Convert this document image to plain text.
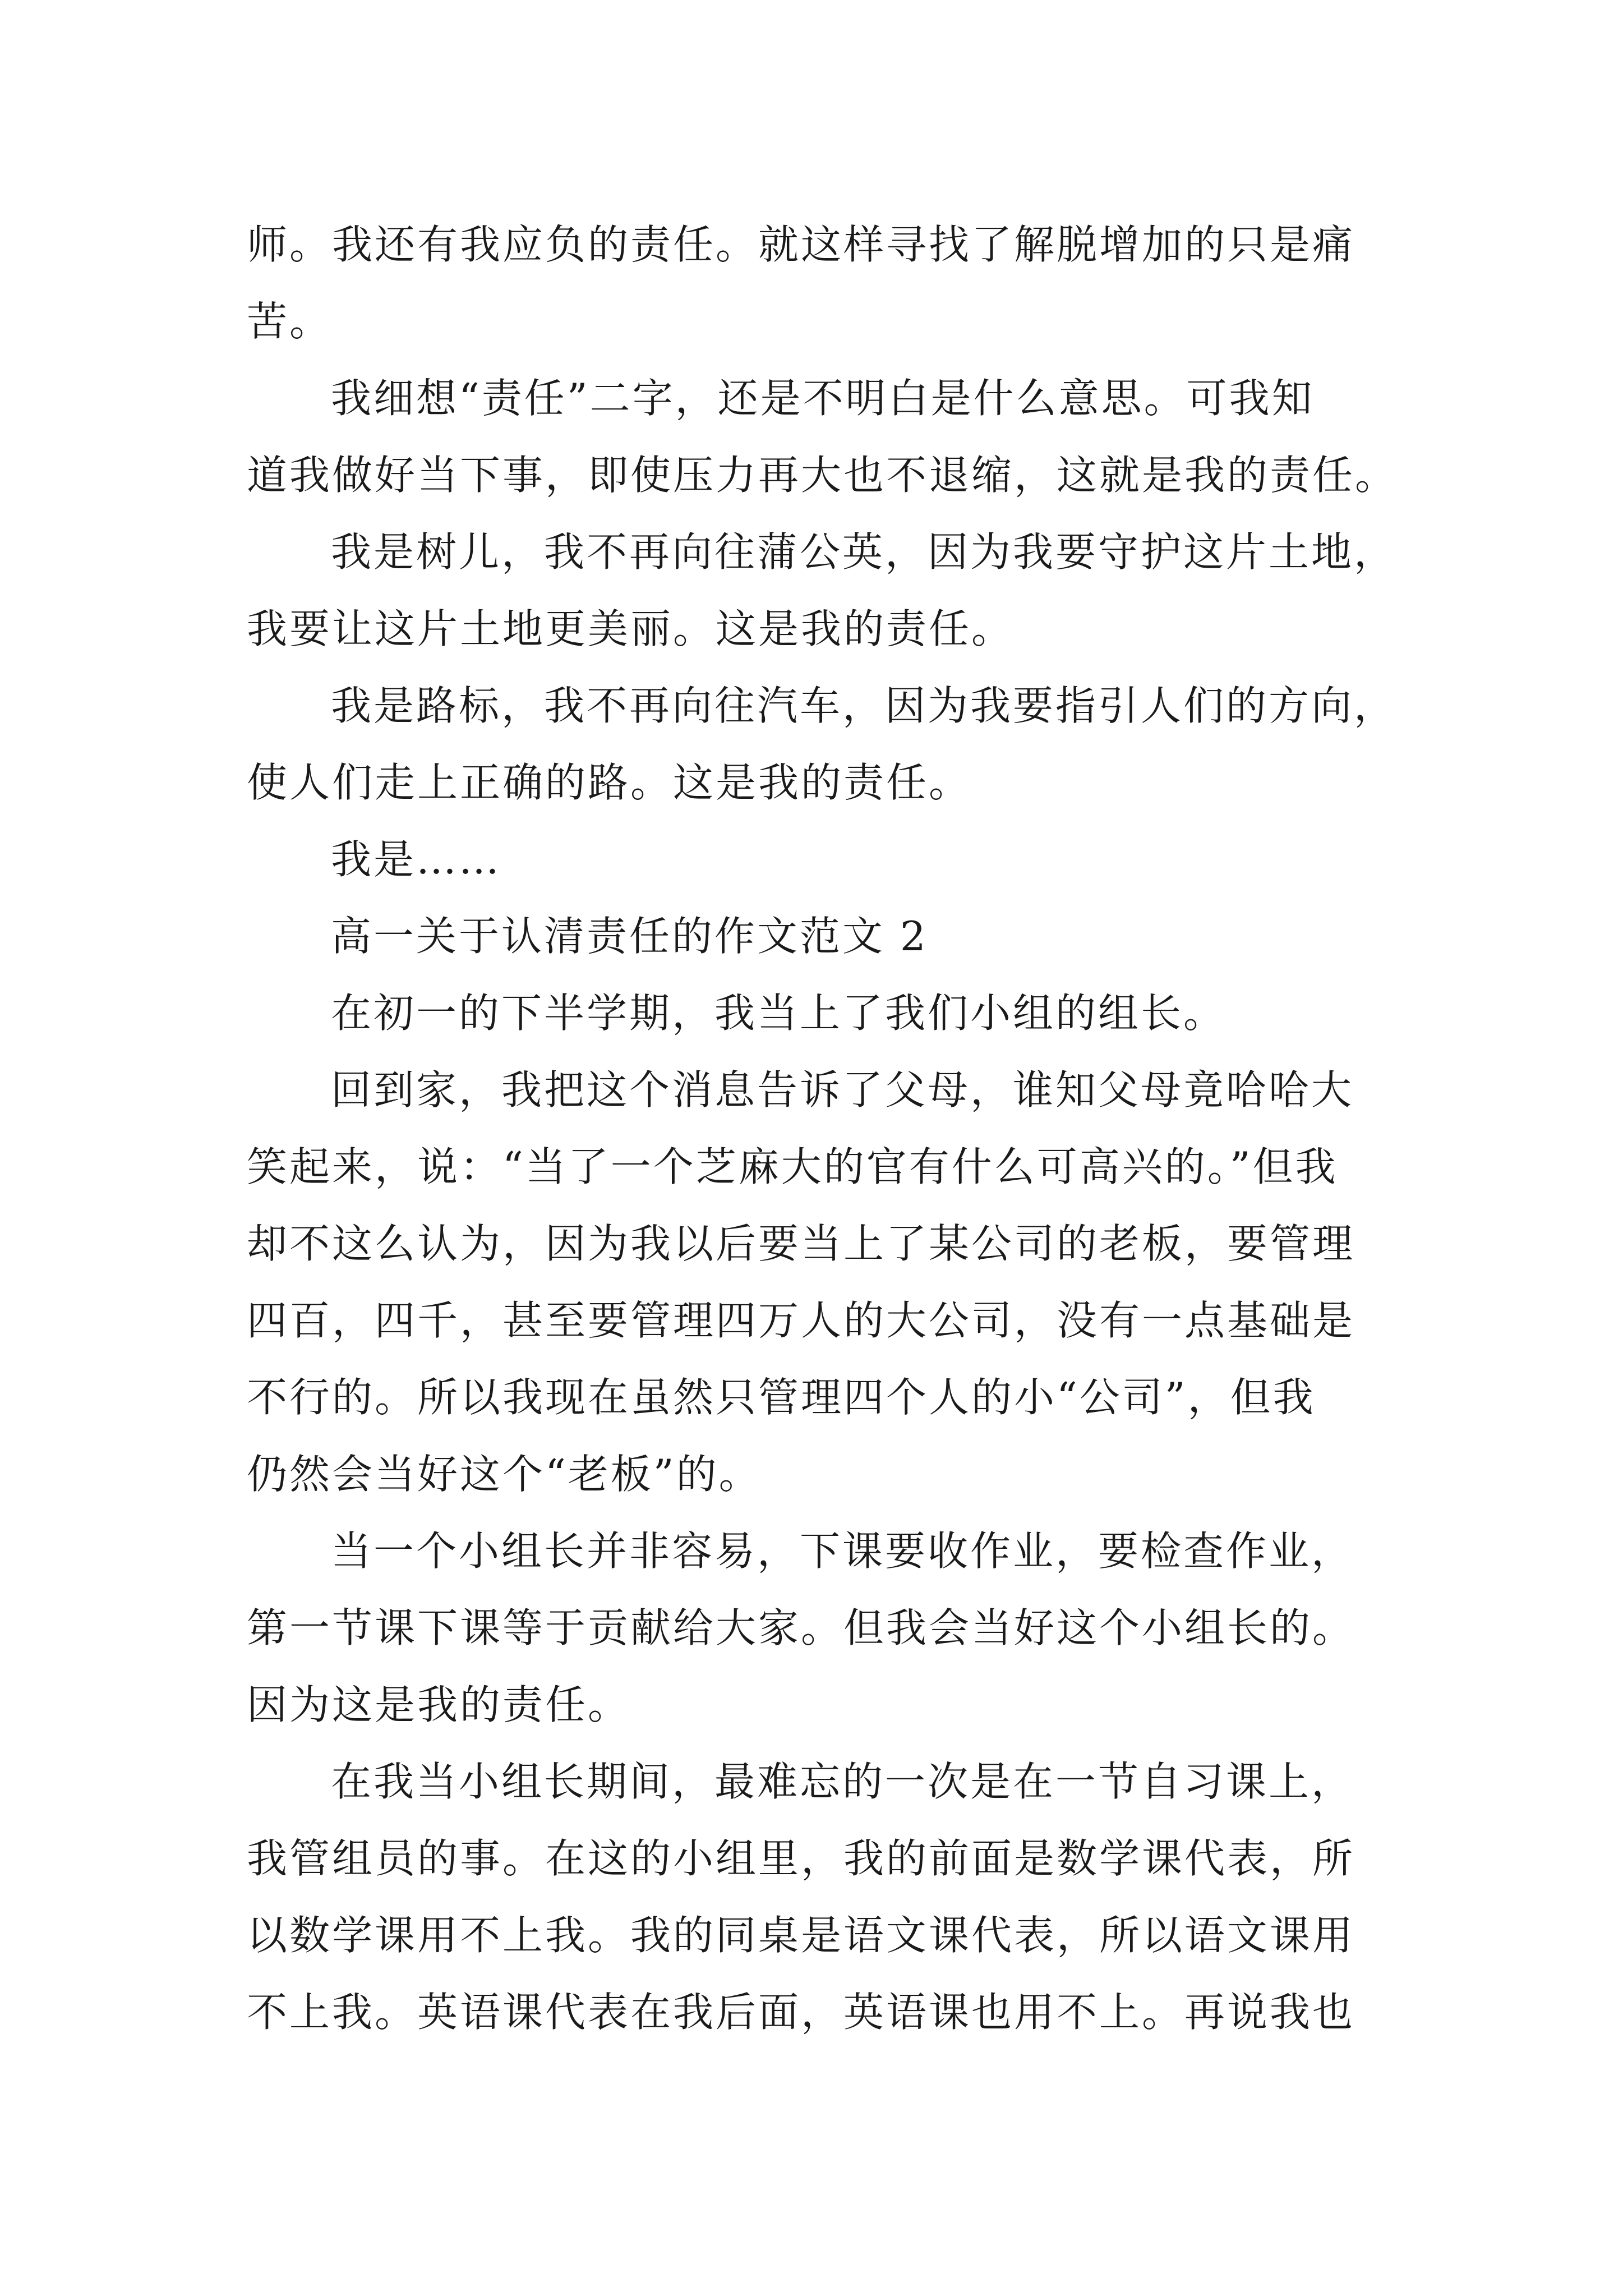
师。我还有我应负的责任。就这样寻找了解脱增加的只是痛
苦。
我细想“责任”二字，还是不明白是什么意思。可我知
道我做好当下事，即使压力再大也不退缩，这就是我的责任。
我是树儿，我不再向往蒲公英，因为我要守护这片土地，
我要让这片土地更美丽。这是我的责任。
我是路标，我不再向往汽车，因为我要指引人们的方向，
使人们走上正确的路。这是我的责任。
我是……
高一关于认清责任的作文范文 2
在初一的下半学期，我当上了我们小组的组长。
回到家，我把这个消息告诉了父母，谁知父母竟哈哈大
笑起来，说：“当了一个芝麻大的官有什么可高兴的。”但我
却不这么认为，因为我以后要当上了某公司的老板，要管理
四百，四千，甚至要管理四万人的大公司，没有一点基础是
不行的。所以我现在虽然只管理四个人的小“公司”，但我
仍然会当好这个“老板”的。
当一个小组长并非容易，下课要收作业，要检查作业，
第一节课下课等于贡献给大家。但我会当好这个小组长的。
因为这是我的责任。
在我当小组长期间，最难忘的一次是在一节自习课上，
我管组员的事。在这的小组里，我的前面是数学课代表，所
以数学课用不上我。我的同桌是语文课代表，所以语文课用
不上我。英语课代表在我后面，英语课也用不上。再说我也
